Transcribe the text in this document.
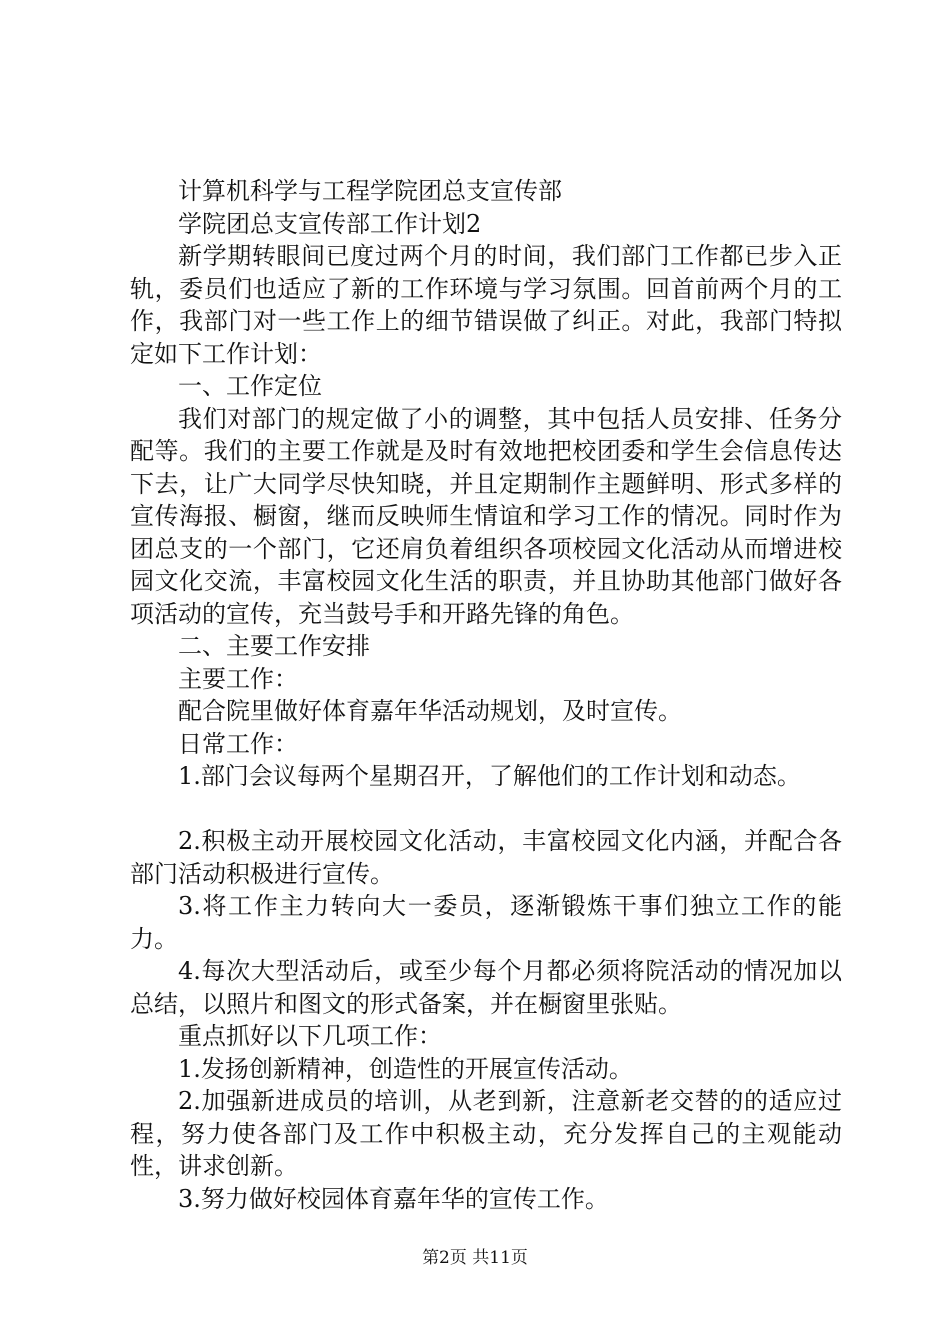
计算机科学与工程学院团总支宣传部

学院团总支宣传部工作计划2

新学期转眼间已度过两个月的时间，我们部门工作都已步入正轨，委员们也适应了新的工作环境与学习氛围。回首前两个月的工作，我部门对一些工作上的细节错误做了纠正。对此，我部门特拟定如下工作计划：

一、工作定位

我们对部门的规定做了小的调整，其中包括人员安排、任务分配等。我们的主要工作就是及时有效地把校团委和学生会信息传达下去，让广大同学尽快知晓，并且定期制作主题鲜明、形式多样的宣传海报、橱窗，继而反映师生情谊和学习工作的情况。同时作为团总支的一个部门，它还肩负着组织各项校园文化活动从而增进校园文化交流，丰富校园文化生活的职责，并且协助其他部门做好各项活动的宣传，充当鼓号手和开路先锋的角色。

二、主要工作安排

主要工作：

配合院里做好体育嘉年华活动规划，及时宣传。

日常工作：

1.部门会议每两个星期召开，了解他们的工作计划和动态。

2.积极主动开展校园文化活动，丰富校园文化内涵，并配合各部门活动积极进行宣传。

3.将工作主力转向大一委员，逐渐锻炼干事们独立工作的能力。

4.每次大型活动后，或至少每个月都必须将院活动的情况加以总结，以照片和图文的形式备案，并在橱窗里张贴。

重点抓好以下几项工作：

1.发扬创新精神，创造性的开展宣传活动。

2.加强新进成员的培训，从老到新，注意新老交替的的适应过程，努力使各部门及工作中积极主动，充分发挥自己的主观能动性，讲求创新。

3.努力做好校园体育嘉年华的宣传工作。

第2页 共11页
